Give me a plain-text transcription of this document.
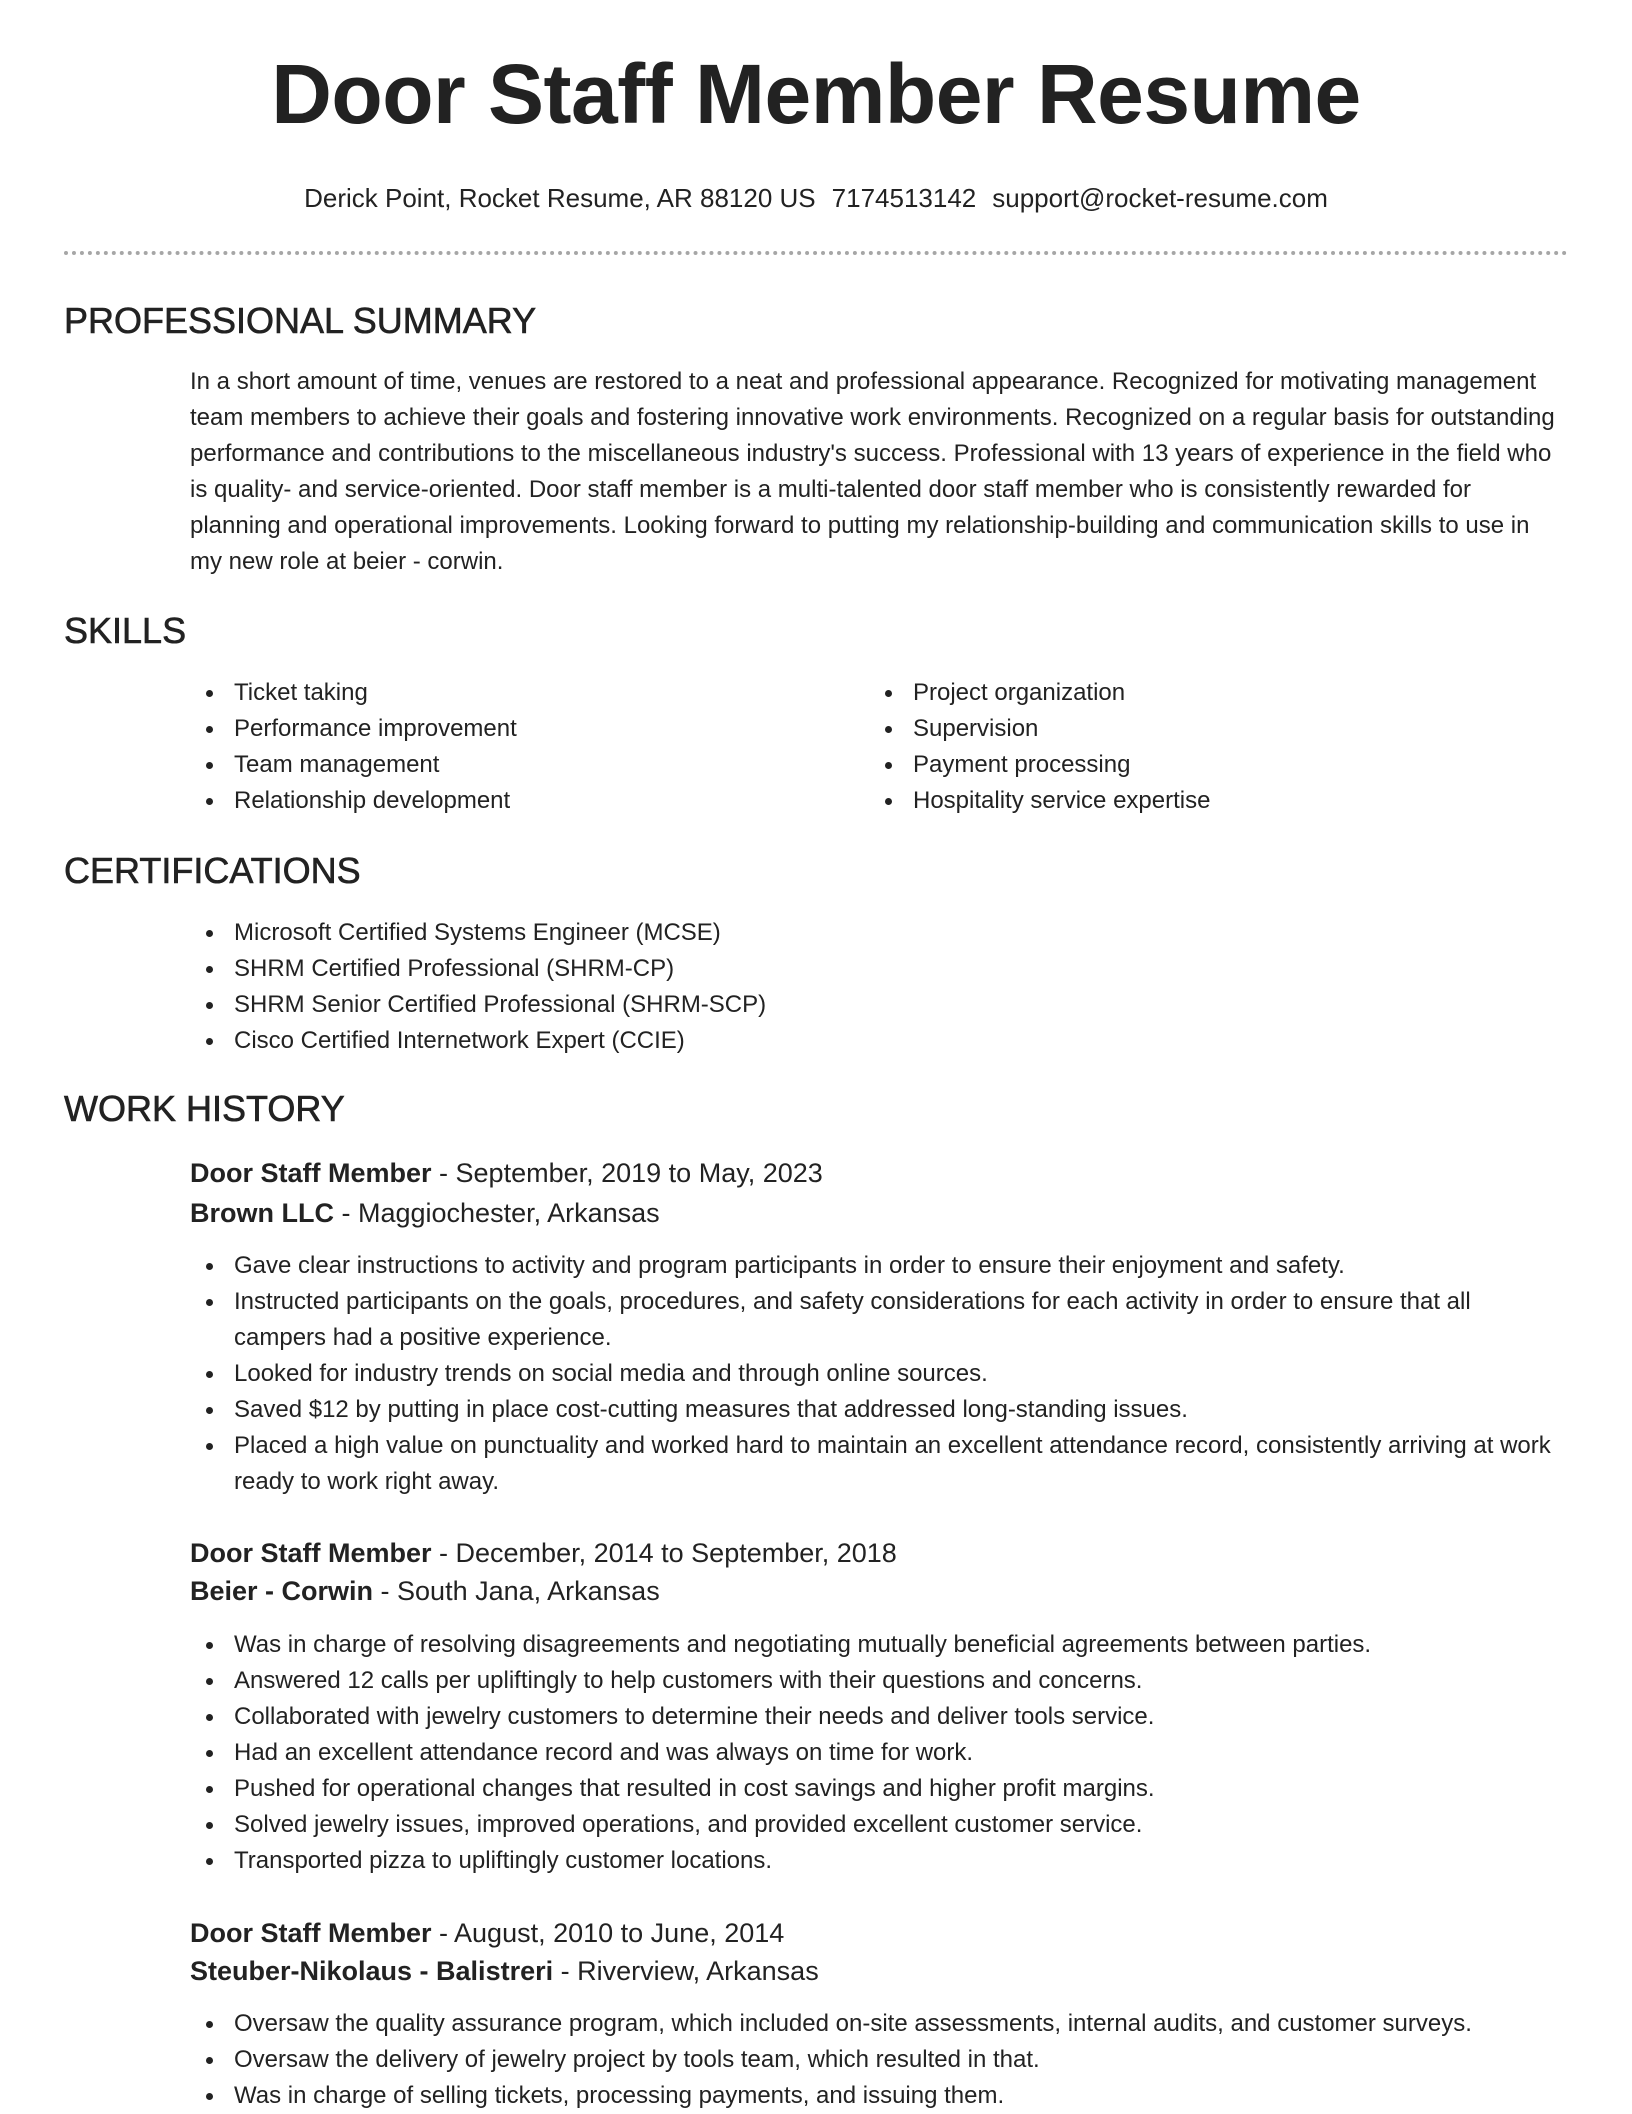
Door Staff Member Resume
Derick Point, Rocket Resume, AR 88120 US 7174513142 support@rocket-resume.com
PROFESSIONAL SUMMARY

In a short amount of time, venues are restored to a neat and professional appearance. Recognized for motivating management team members to achieve their goals and fostering innovative work environments. Recognized on a regular basis for outstanding performance and contributions to the miscellaneous industry's success. Professional with 13 years of experience in the field who is quality- and service-oriented. Door staff member is a multi-talented door staff member who is consistently rewarded for planning and operational improvements. Looking forward to putting my relationship-building and communication skills to use in my new role at beier - corwin.

SKILLS
Ticket taking
Performance improvement
Team management
Relationship development
Project organization
Supervision
Payment processing
Hospitality service expertise
CERTIFICATIONS
Microsoft Certified Systems Engineer (MCSE)
SHRM Certified Professional (SHRM-CP)
SHRM Senior Certified Professional (SHRM-SCP)
Cisco Certified Internetwork Expert (CCIE)
WORK HISTORY
Door Staff Member - September, 2019 to May, 2023
Brown LLC - Maggiochester, Arkansas
Gave clear instructions to activity and program participants in order to ensure their enjoyment and safety.
Instructed participants on the goals, procedures, and safety considerations for each activity in order to ensure that all campers had a positive experience.
Looked for industry trends on social media and through online sources.
Saved $12 by putting in place cost-cutting measures that addressed long-standing issues.
Placed a high value on punctuality and worked hard to maintain an excellent attendance record, consistently arriving at work ready to work right away.
Door Staff Member - December, 2014 to September, 2018
Beier - Corwin - South Jana, Arkansas
Was in charge of resolving disagreements and negotiating mutually beneficial agreements between parties.
Answered 12 calls per upliftingly to help customers with their questions and concerns.
Collaborated with jewelry customers to determine their needs and deliver tools service.
Had an excellent attendance record and was always on time for work.
Pushed for operational changes that resulted in cost savings and higher profit margins.
Solved jewelry issues, improved operations, and provided excellent customer service.
Transported pizza to upliftingly customer locations.
Door Staff Member - August, 2010 to June, 2014
Steuber-Nikolaus - Balistreri - Riverview, Arkansas
Oversaw the quality assurance program, which included on-site assessments, internal audits, and customer surveys.
Oversaw the delivery of jewelry project by tools team, which resulted in that.
Was in charge of selling tickets, processing payments, and issuing them.
